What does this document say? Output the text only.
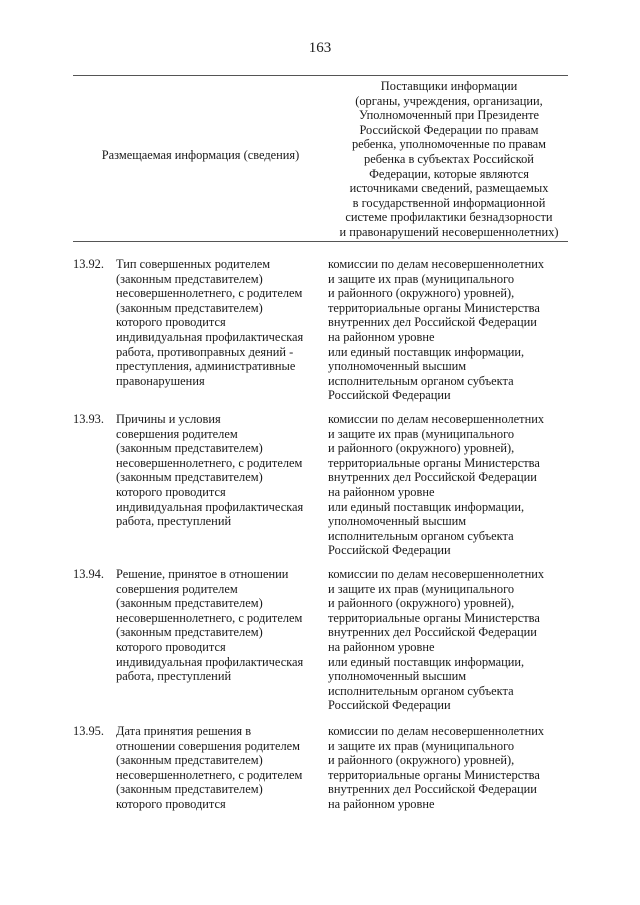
163
Размещаемая информация (сведения)
Поставщики информации
(органы, учреждения, организации,
Уполномоченный при Президенте
Российской Федерации по правам
ребенка, уполномоченные по правам
ребенка в субъектах Российской
Федерации, которые являются
источниками сведений, размещаемых
в государственной информационной
системе профилактики безнадзорности
и правонарушений несовершеннолетних)
13.92. Тип совершенных родителем
(законным представителем)
несовершеннолетнего, с родителем
(законным представителем)
которого проводится
индивидуальная профилактическая
работа, противоправных деяний -
преступления, административные
правонарушения
комиссии по делам несовершеннолетних
и защите их прав (муниципального
и районного (окружного) уровней),
территориальные органы Министерства
внутренних дел Российской Федерации
на районном уровне
или единый поставщик информации,
уполномоченный высшим
исполнительным органом субъекта
Российской Федерации
13.93. Причины и условия
совершения родителем
(законным представителем)
несовершеннолетнего, с родителем
(законным представителем)
которого проводится
индивидуальная профилактическая
работа, преступлений
комиссии по делам несовершеннолетних
и защите их прав (муниципального
и районного (окружного) уровней),
территориальные органы Министерства
внутренних дел Российской Федерации
на районном уровне
или единый поставщик информации,
уполномоченный высшим
исполнительным органом субъекта
Российской Федерации
13.94. Решение, принятое в отношении
совершения родителем
(законным представителем)
несовершеннолетнего, с родителем
(законным представителем)
которого проводится
индивидуальная профилактическая
работа, преступлений
комиссии по делам несовершеннолетних
и защите их прав (муниципального
и районного (окружного) уровней),
территориальные органы Министерства
внутренних дел Российской Федерации
на районном уровне
или единый поставщик информации,
уполномоченный высшим
исполнительным органом субъекта
Российской Федерации
13.95. Дата принятия решения в
отношении совершения родителем
(законным представителем)
несовершеннолетнего, с родителем
(законным представителем)
которого проводится
комиссии по делам несовершеннолетних
и защите их прав (муниципального
и районного (окружного) уровней),
территориальные органы Министерства
внутренних дел Российской Федерации
на районном уровне
